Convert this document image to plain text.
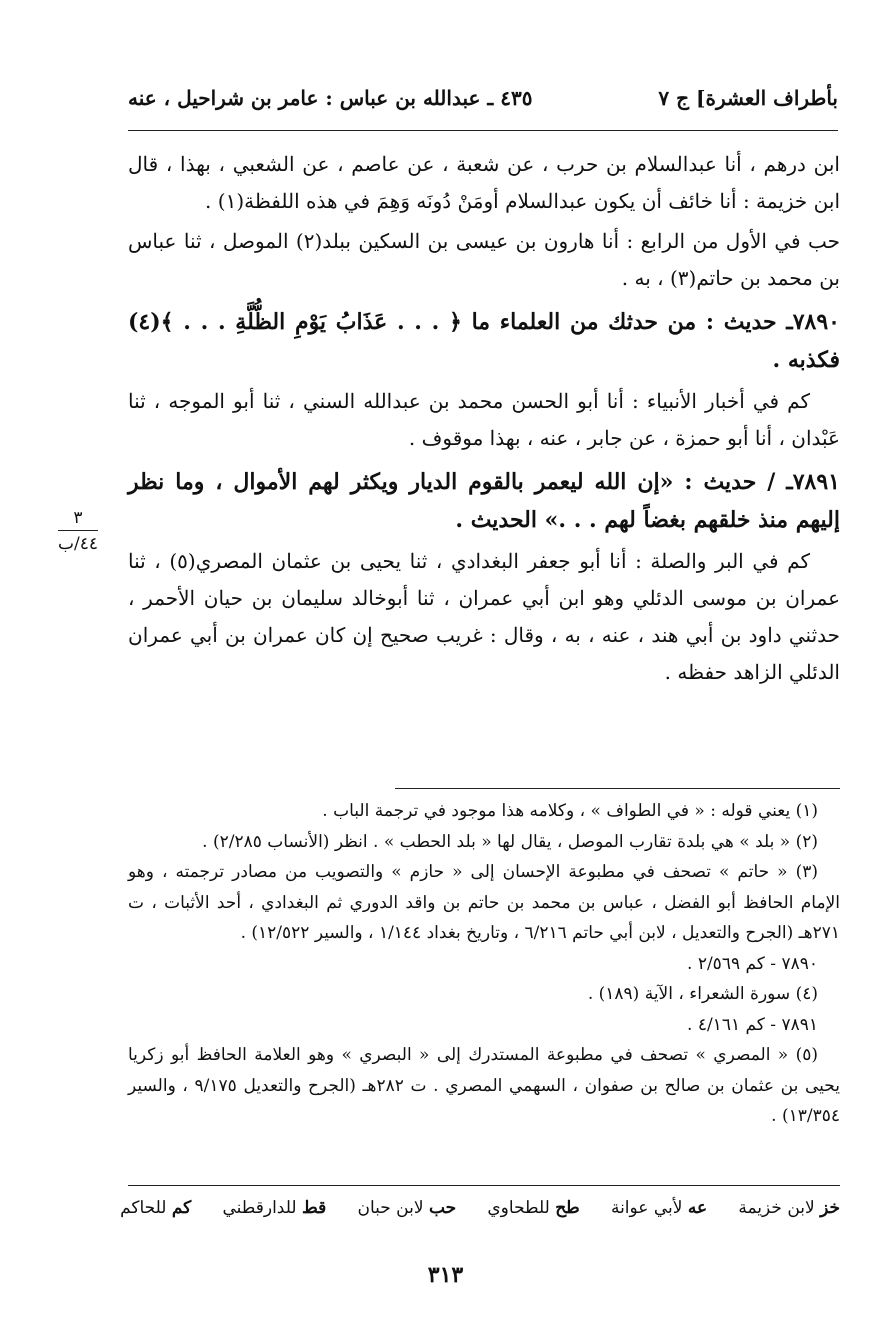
بأطراف العشرة] ج ٧
٤٣٥ ـ عبدالله بن عباس : عامر بن شراحيل ، عنه

ابن درهم ، أنا عبدالسلام بن حرب ، عن شعبة ، عن عاصم ، عن الشعبي ، بهذا ، قال ابن خزيمة : أنا خائف أن يكون عبدالسلام أومَنْ دُونَه وَهِمَ في هذه اللفظة(١) .

حب في الأول من الرابع : أنا هارون بن عيسى بن السكين ببلد(٢) الموصل ، ثنا عباس بن محمد بن حاتم(٣) ، به .

٧٨٩٠ـ حديث : من حدثك من العلماء ما ﴿ . . . عَذَابُ يَوْمِ الظُّلَّةِ . . . ﴾(٤) فكذبه .

كم في أخبار الأنبياء : أنا أبو الحسن محمد بن عبدالله السني ، ثنا أبو الموجه ، ثنا عَبْدان ، أنا أبو حمزة ، عن جابر ، عنه ، بهذا موقوف .

٧٨٩١ـ / حديث : «إن الله ليعمر بالقوم الديار ويكثر لهم الأموال ، وما نظر إليهم منذ خلقهم بغضاً لهم . . .» الحديث .

كم في البر والصلة : أنا أبو جعفر البغدادي ، ثنا يحيى بن عثمان المصري(٥) ، ثنا عمران بن موسى الدئلي وهو ابن أبي عمران ، ثنا أبوخالد سليمان بن حيان الأحمر ، حدثني داود بن أبي هند ، عنه ، به ، وقال : غريب صحيح إن كان عمران بن أبي عمران الدئلي الزاهد حفظه .

٣
٤٤/ب

(١) يعني قوله : « في الطواف » ، وكلامه هذا موجود في ترجمة الباب .

(٢) « بلد » هي بلدة تقارب الموصل ، يقال لها « بلد الحطب » . انظر (الأنساب ٢/٢٨٥) .

(٣) « حاتم » تصحف في مطبوعة الإحسان إلى « حازم » والتصويب من مصادر ترجمته ، وهو الإمام الحافظ أبو الفضل ، عباس بن محمد بن حاتم بن واقد الدوري ثم البغدادي ، أحد الأثبات ، ت ٢٧١هـ (الجرح والتعديل ، لابن أبي حاتم ٦/٢١٦ ، وتاريخ بغداد ١/١٤٤ ، والسير ١٢/٥٢٢) .

٧٨٩٠ - كم ٢/٥٦٩ .

(٤) سورة الشعراء ، الآية (١٨٩) .

٧٨٩١ - كم ٤/١٦١ .

(٥) « المصري » تصحف في مطبوعة المستدرك إلى « البصري » وهو العلامة الحافظ أبو زكريا يحيى بن عثمان بن صالح بن صفوان ، السهمي المصري . ت ٢٨٢هـ (الجرح والتعديل ٩/١٧٥ ، والسير ١٣/٣٥٤) .

خز لابن خزيمة
عه لأبي عوانة
طح للطحاوي
حب لابن حبان
قط للدارقطني
كم للحاكم
٣١٣
